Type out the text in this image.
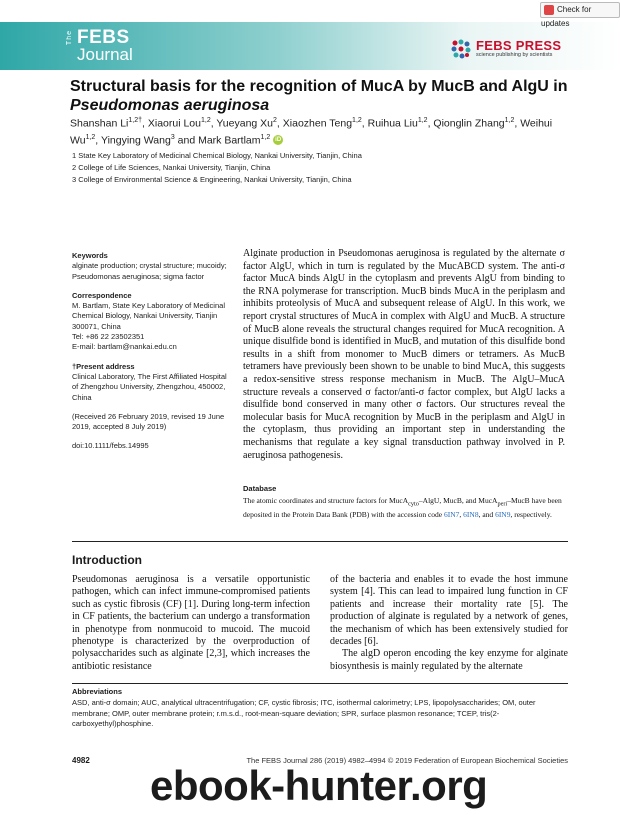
The FEBS
Journal	FEBS PRESS
science publishing by scientists
Check for updates
Structural basis for the recognition of MucA by MucB and AlgU in Pseudomonas aeruginosa
Shanshan $Li^{1,2\dagger}$, Xiaorui Lou$^{1,2}$, Yueyang Xu$^2$, Xiaozhen Teng$^{1,2}$, Ruihua Liu$^{1,2}$, Qionglin Zhang$^{1,2}$, Weihui Wu$^{1,2}$, Yingying Wang$^3$ and Mark Bartlam$^{1,2}$ iD
1 State Key Laboratory of Medicinal Chemical Biology, Nankai University, Tianjin, China
2 College of Life Sciences, Nankai University, Tianjin, China
3 College of Environmental Science & Engineering, Nankai University, Tianjin, China

Keywords

alginate production; crystal structure; mucoidy; Pseudomonas aeruginosa; sigma factor

Correspondence

M. Bartlam, State Key Laboratory of Medicinal Chemical Biology, Nankai University, Tianjin 300071, China

Tel: +86 22 23502351

E-mail: bartlam@nankai.edu.cn

†Present address

Clinical Laboratory, The First Affiliated Hospital of Zhengzhou University, Zhengzhou, 450002, China

(Received 26 February 2019, revised 19 June 2019, accepted 8 July 2019)

doi:10.1111/febs.14995

Alginate production in Pseudomonas aeruginosa is regulated by the alternate σ factor AlgU, which in turn is regulated by the MucABCD system. The anti-σ factor MucA binds AlgU in the cytoplasm and prevents AlgU from binding to the RNA polymerase for transcription. MucB binds MucA in the periplasm and inhibits proteolysis of MucA and subsequent release of AlgU. In this work, we report crystal structures of MucA in complex with AlgU and MucB. A structure of MucB alone reveals the structural changes required for MucA recognition. A unique disulfide bond is identified in MucB, and mutation of this disulfide bond results in a shift from monomer to MucB dimers or tetramers. As MucB tetramers have previously been shown to be unable to bind MucA, this suggests a redox-sensitive stress response mechanism in MucB. The AlgU–MucA structure reveals a conserved σ factor/anti-σ factor complex, but AlgU lacks a disulfide bond conserved in many other σ factors. Our structures reveal the molecular basis for MucA recognition by MucB in the periplasm and AlgU in the cytoplasm, thus providing an important step in understanding the mechanisms that regulate a key signal transduction pathway involved in P. aeruginosa pathogenesis.
Database
The atomic coordinates and structure factors for MucA$_{cyto}$–AlgU, MucB, and MucA$_{peri}$–MucB have been deposited in the Protein Data Bank (PDB) with the accession code 6IN7, 6IN8, and 6IN9, respectively.
Introduction

Pseudomonas aeruginosa is a versatile opportunistic pathogen, which can infect immune-compromised patients such as cystic fibrosis (CF) [1]. During long-term infection in CF patients, the bacterium can undergo a transformation in phenotype from nonmucoid to mucoid. The mucoid phenotype is characterized by the overproduction of polysaccharides such as alginate [2,3], which increases the antibiotic resistance

of the bacteria and enables it to evade the host immune system [4]. This can lead to impaired lung function in CF patients and increase their mortality rate [5]. The production of alginate is regulated by a network of genes, the mechanism of which has been extensively studied for decades [6].

The algD operon encoding the key enzyme for alginate biosynthesis is mainly regulated by the alternate

Abbreviations
ASD, anti-σ domain; AUC, analytical ultracentrifugation; CF, cystic fibrosis; ITC, isothermal calorimetry; LPS, lipopolysaccharides; OM, outer membrane; OMP, outer membrane protein; r.m.s.d., root-mean-square deviation; SPR, surface plasmon resonance; TCEP, tris(2-carboxyethyl)phosphine.
4982	The FEBS Journal 286 (2019) 4982–4994 © 2019 Federation of European Biochemical Societies
ebook-hunter.org
